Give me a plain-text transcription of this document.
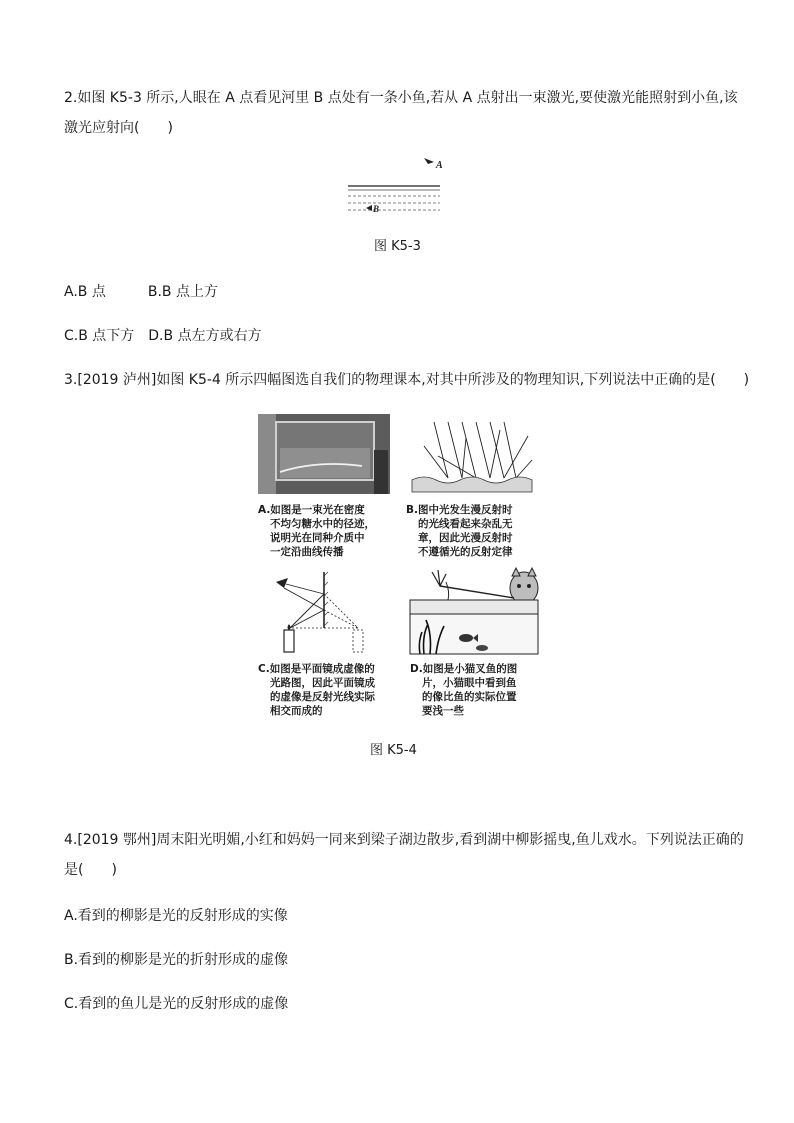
2.如图 K5-3 所示,人眼在 A 点看见河里 B 点处有一条小鱼,若从 A 点射出一束激光,要使激光能照射到小鱼,该
激光应射向(　　)
A
B
图 K5-3
A.B 点	B.B 点上方
C.B 点下方 D.B 点左方或右方
3.[2019 泸州]如图 K5-4 所示四幅图选自我们的物理课本,对其中所涉及的物理知识,下列说法中正确的是(　　)
A.如图是一束光在密度
不均匀糖水中的径迹，
说明光在同种介质中
一定沿曲线传播
B.图中光发生漫反射时
的光线看起来杂乱无
章，因此光漫反射时
不遵循光的反射定律
C.如图是平面镜成虚像的
光路图，因此平面镜成
的虚像是反射光线实际
相交而成的
D.如图是小猫叉鱼的图
片，小猫眼中看到鱼
的像比鱼的实际位置
要浅一些
图 K5-4
4.[2019 鄂州]周末阳光明媚,小红和妈妈一同来到梁子湖边散步,看到湖中柳影摇曳,鱼儿戏水。下列说法正确的
是(　　)
A.看到的柳影是光的反射形成的实像
B.看到的柳影是光的折射形成的虚像
C.看到的鱼儿是光的反射形成的虚像
